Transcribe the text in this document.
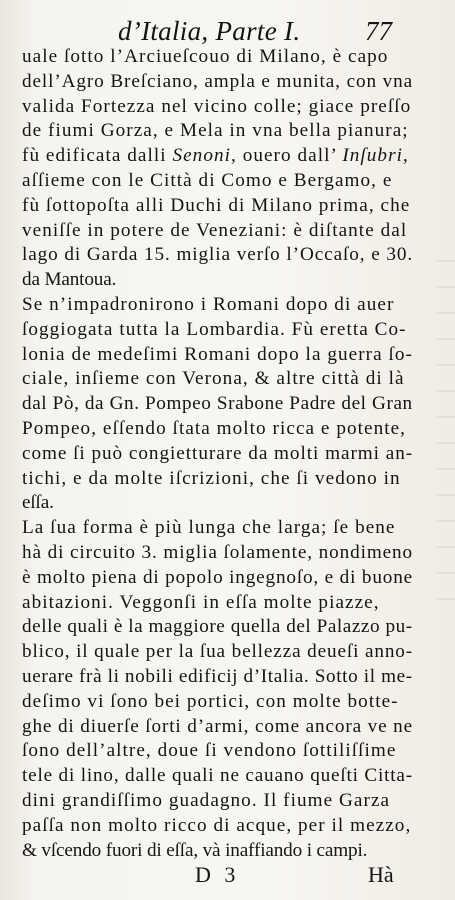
d’Italia, Parte I. 77
uale ſotto l’Arciueſcouo di Milano, è capo
dell’Agro Breſciano, ampla e munita, con vna
valida Fortezza nel vicino colle; giace preſſo
de fiumi Gorza, e Mela in vna bella pianura;
fù edificata dalli Senoni, ouero dall’ Inſubri,
aſſieme con le Città di Como e Bergamo, e
fù ſottopoſta alli Duchi di Milano prima, che
veniſſe in potere de Veneziani: è diſtante dal
lago di Garda 15. miglia verſo l’Occaſo, e 30.
da Mantoua.
Se n’impadronirono i Romani dopo di auer
ſoggiogata tutta la Lombardia. Fù eretta Co-
lonia de medeſimi Romani dopo la guerra ſo-
ciale, inſieme con Verona, & altre città di là
dal Pò, da Gn. Pompeo Srabone Padre del Gran
Pompeo, eſſendo ſtata molto ricca e potente,
come ſi può congietturare da molti marmi an-
tichi, e da molte iſcrizioni, che ſi vedono in
eſſa.
La ſua forma è più lunga che larga; ſe bene
hà di circuito 3. miglia ſolamente, nondimeno
è molto piena di popolo ingegnoſo, e di buone
abitazioni. Veggonſi in eſſa molte piazze,
delle quali è la maggiore quella del Palazzo pu-
blico, il quale per la ſua bellezza deueſi anno-
uerare frà li nobili edificij d’Italia. Sotto il me-
deſimo vi ſono bei portici, con molte botte-
ghe di diuerſe ſorti d’armi, come ancora ve ne
ſono dell’altre, doue ſi vendono ſottiliſſime
tele di lino, dalle quali ne cauano queſti Citta-
dini grandiſſimo guadagno. Il fiume Garza
paſſa non molto ricco di acque, per il mezzo,
& vſcendo fuori di eſſa, và inaffiando i campi.
D 3	Hà
